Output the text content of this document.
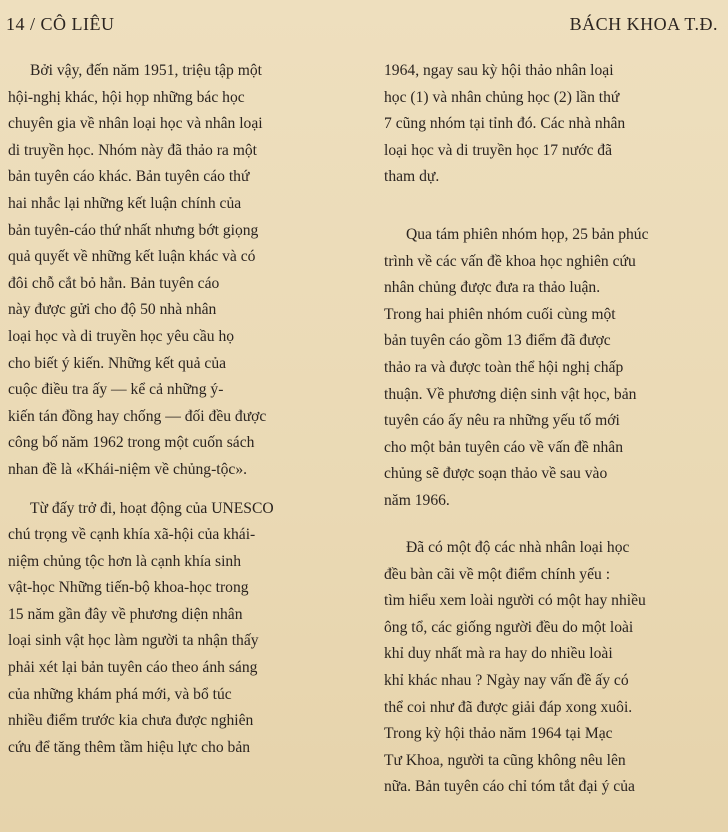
14 / CÔ LIÊU	BÁCH KHOA T.Đ.
Bởi vậy, đến năm 1951, triệu tập một
hội-nghị khác, hội họp những bác học
chuyên gia về nhân loại học và nhân loại
di truyền học. Nhóm này đã thảo ra một
bản tuyên cáo khác. Bản tuyên cáo thứ
hai nhắc lại những kết luận chính của
bản tuyên-cáo thứ nhất nhưng bớt giọng
quả quyết về những kết luận khác và có
đôi chỗ cắt bỏ hẳn. Bản tuyên cáo
này được gửi cho độ 50 nhà nhân
loại học và di truyền học yêu cầu họ
cho biết ý kiến. Những kết quả của
cuộc điều tra ấy — kể cả những ý-
kiến tán đồng hay chống — đối đều được
công bố năm 1962 trong một cuốn sách
nhan đề là «Khái-niệm về chủng-tộc».
Từ đấy trở đi, hoạt động của UNESCO
chú trọng về cạnh khía xã-hội của khái-
niệm chủng tộc hơn là cạnh khía sinh
vật-học Những tiến-bộ khoa-học trong
15 năm gần đây về phương diện nhân
loại sinh vật học làm người ta nhận thấy
phải xét lại bản tuyên cáo theo ánh sáng
của những khám phá mới, và bổ túc
nhiều điểm trước kia chưa được nghiên
cứu để tăng thêm tầm hiệu lực cho bản
1964, ngay sau kỳ hội thảo nhân loại
học (1) và nhân chủng học (2) lần thứ
7 cũng nhóm tại tỉnh đó. Các nhà nhân
loại học và di truyền học 17 nước đã
tham dự.
Qua tám phiên nhóm họp, 25 bản phúc
trình về các vấn đề khoa học nghiên cứu
nhân chủng được đưa ra thảo luận.
Trong hai phiên nhóm cuối cùng một
bản tuyên cáo gồm 13 điểm đã được
thảo ra và được toàn thể hội nghị chấp
thuận. Về phương diện sinh vật học, bản
tuyên cáo ấy nêu ra những yếu tố mới
cho một bản tuyên cáo về vấn đề nhân
chủng sẽ được soạn thảo về sau vào
năm 1966.
Đã có một độ các nhà nhân loại học
đều bàn cãi về một điểm chính yếu :
tìm hiểu xem loài người có một hay nhiều
ông tổ, các giống người đều do một loài
khỉ duy nhất mà ra hay do nhiều loài
khỉ khác nhau ? Ngày nay vấn đề ấy có
thể coi như đã được giải đáp xong xuôi.
Trong kỳ hội thảo năm 1964 tại Mạc
Tư Khoa, người ta cũng không nêu lên
nữa. Bản tuyên cáo chỉ tóm tắt đại ý của
